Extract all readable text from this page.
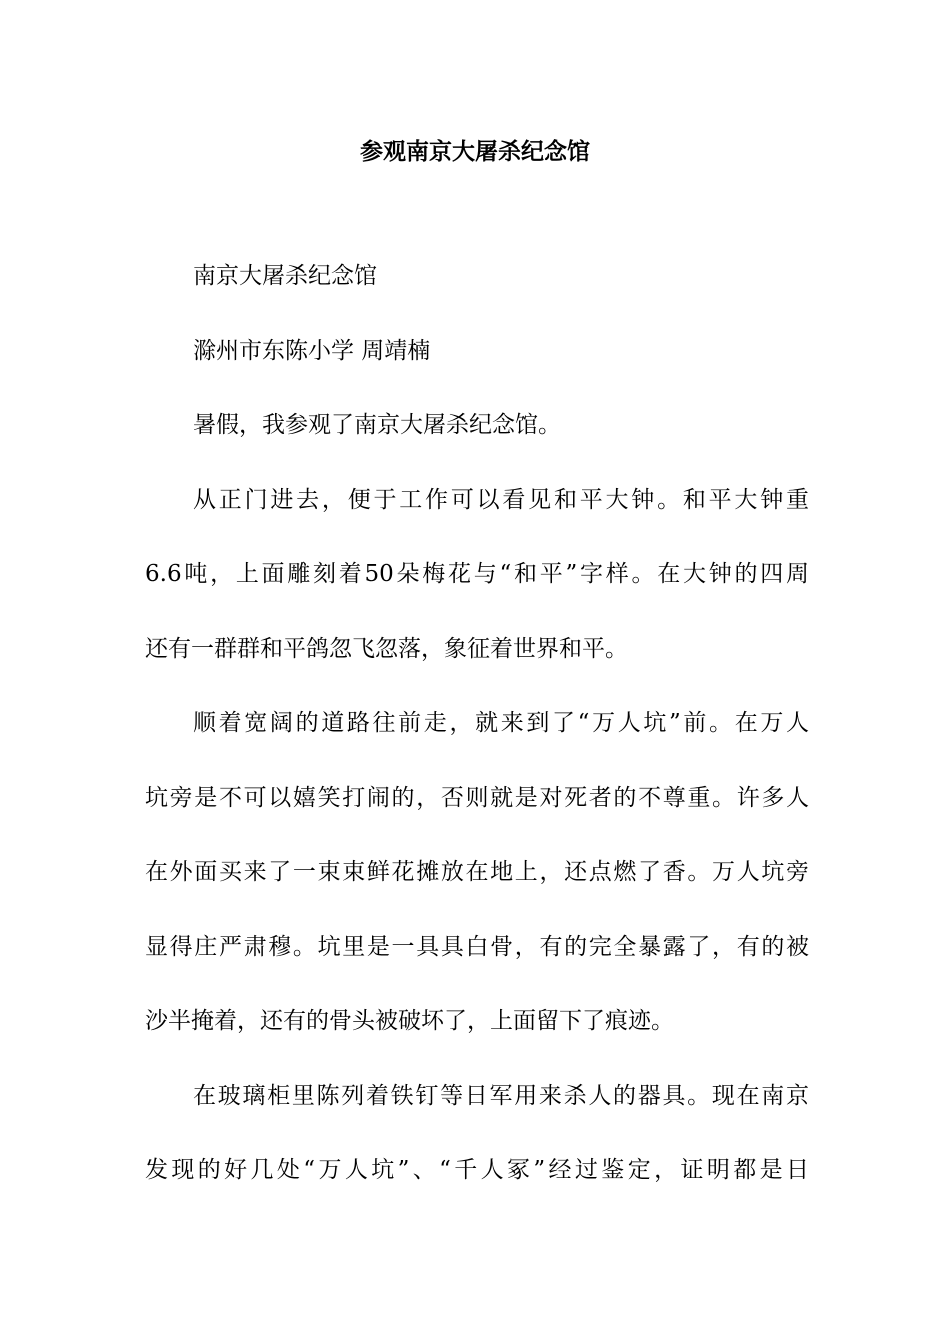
参观南京大屠杀纪念馆
南京大屠杀纪念馆
滁州市东陈小学 周靖楠
暑假，我参观了南京大屠杀纪念馆。
从正门进去，便于工作可以看见和平大钟。和平大钟重
6.6吨，上面雕刻着50朵梅花与“和平”字样。在大钟的四周
还有一群群和平鸽忽飞忽落，象征着世界和平。
顺着宽阔的道路往前走，就来到了“万人坑”前。在万人
坑旁是不可以嬉笑打闹的，否则就是对死者的不尊重。许多人
在外面买来了一束束鲜花摊放在地上，还点燃了香。万人坑旁
显得庄严肃穆。坑里是一具具白骨，有的完全暴露了，有的被
沙半掩着，还有的骨头被破坏了，上面留下了痕迹。
在玻璃柜里陈列着铁钉等日军用来杀人的器具。现在南京
发现的好几处“万人坑”、“千人冢”经过鉴定，证明都是日
